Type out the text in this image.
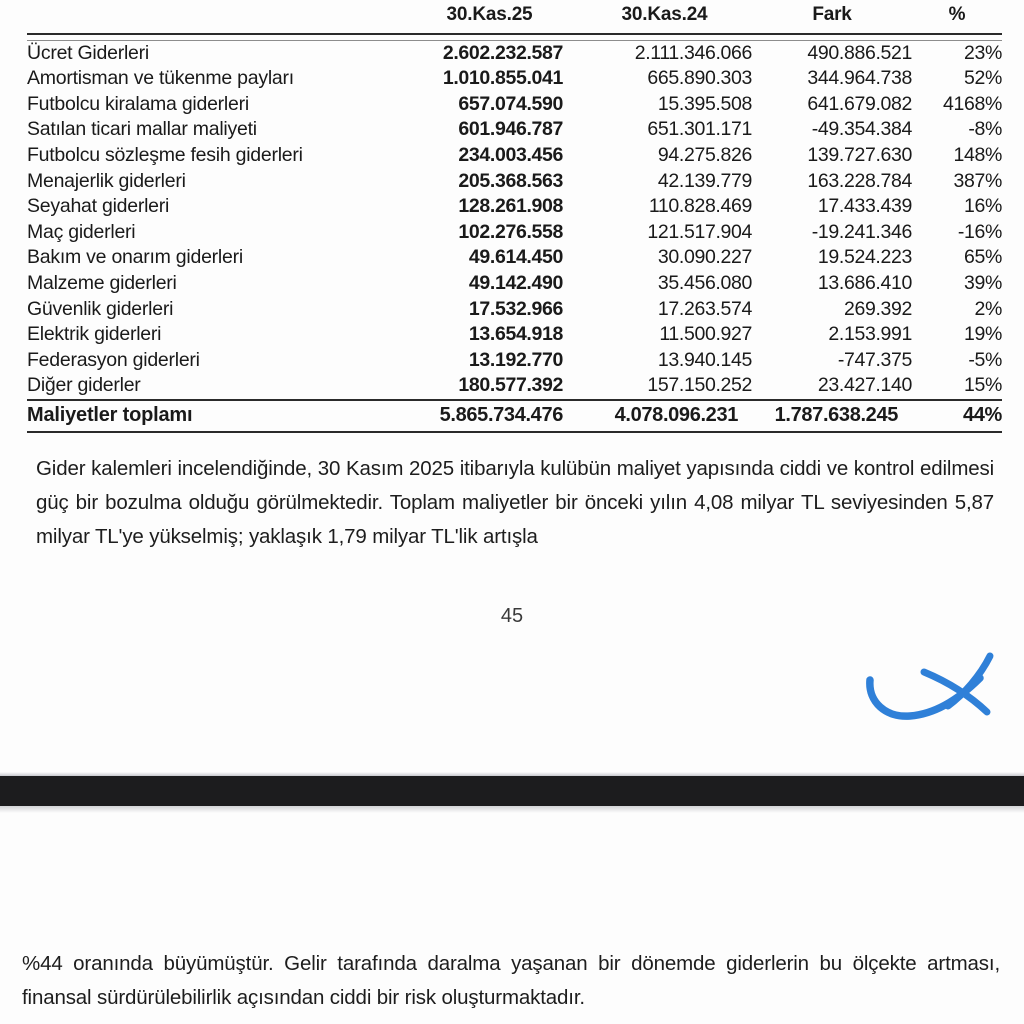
	30.Kas.25	30.Kas.24	Fark	%

Ücret Giderleri	2.602.232.587	2.111.346.066	490.886.521	23%
Amortisman ve tükenme payları	1.010.855.041	665.890.303	344.964.738	52%
Futbolcu kiralama giderleri	657.074.590	15.395.508	641.679.082	4168%
Satılan ticari mallar maliyeti	601.946.787	651.301.171	-49.354.384	-8%
Futbolcu sözleşme fesih giderleri	234.003.456	94.275.826	139.727.630	148%
Menajerlik giderleri	205.368.563	42.139.779	163.228.784	387%
Seyahat giderleri	128.261.908	110.828.469	17.433.439	16%
Maç giderleri	102.276.558	121.517.904	-19.241.346	-16%
Bakım ve onarım giderleri	49.614.450	30.090.227	19.524.223	65%
Malzeme giderleri	49.142.490	35.456.080	13.686.410	39%
Güvenlik giderleri	17.532.966	17.263.574	269.392	2%
Elektrik giderleri	13.654.918	11.500.927	2.153.991	19%
Federasyon giderleri	13.192.770	13.940.145	-747.375	-5%
Diğer giderler	180.577.392	157.150.252	23.427.140	15%
Maliyetler toplamı	5.865.734.476	4.078.096.231	1.787.638.245	44%
Gider kalemleri incelendiğinde, 30 Kasım 2025 itibarıyla kulübün maliyet yapısında ciddi ve kontrol edilmesi güç bir bozulma olduğu görülmektedir. Toplam maliyetler bir önceki yılın 4,08 milyar TL seviyesinden 5,87 milyar TL'ye yükselmiş; yaklaşık 1,79 milyar TL'lik artışla
45
%44 oranında büyümüştür. Gelir tarafında daralma yaşanan bir dönemde giderlerin bu ölçekte artması, finansal sürdürülebilirlik açısından ciddi bir risk oluşturmaktadır.
